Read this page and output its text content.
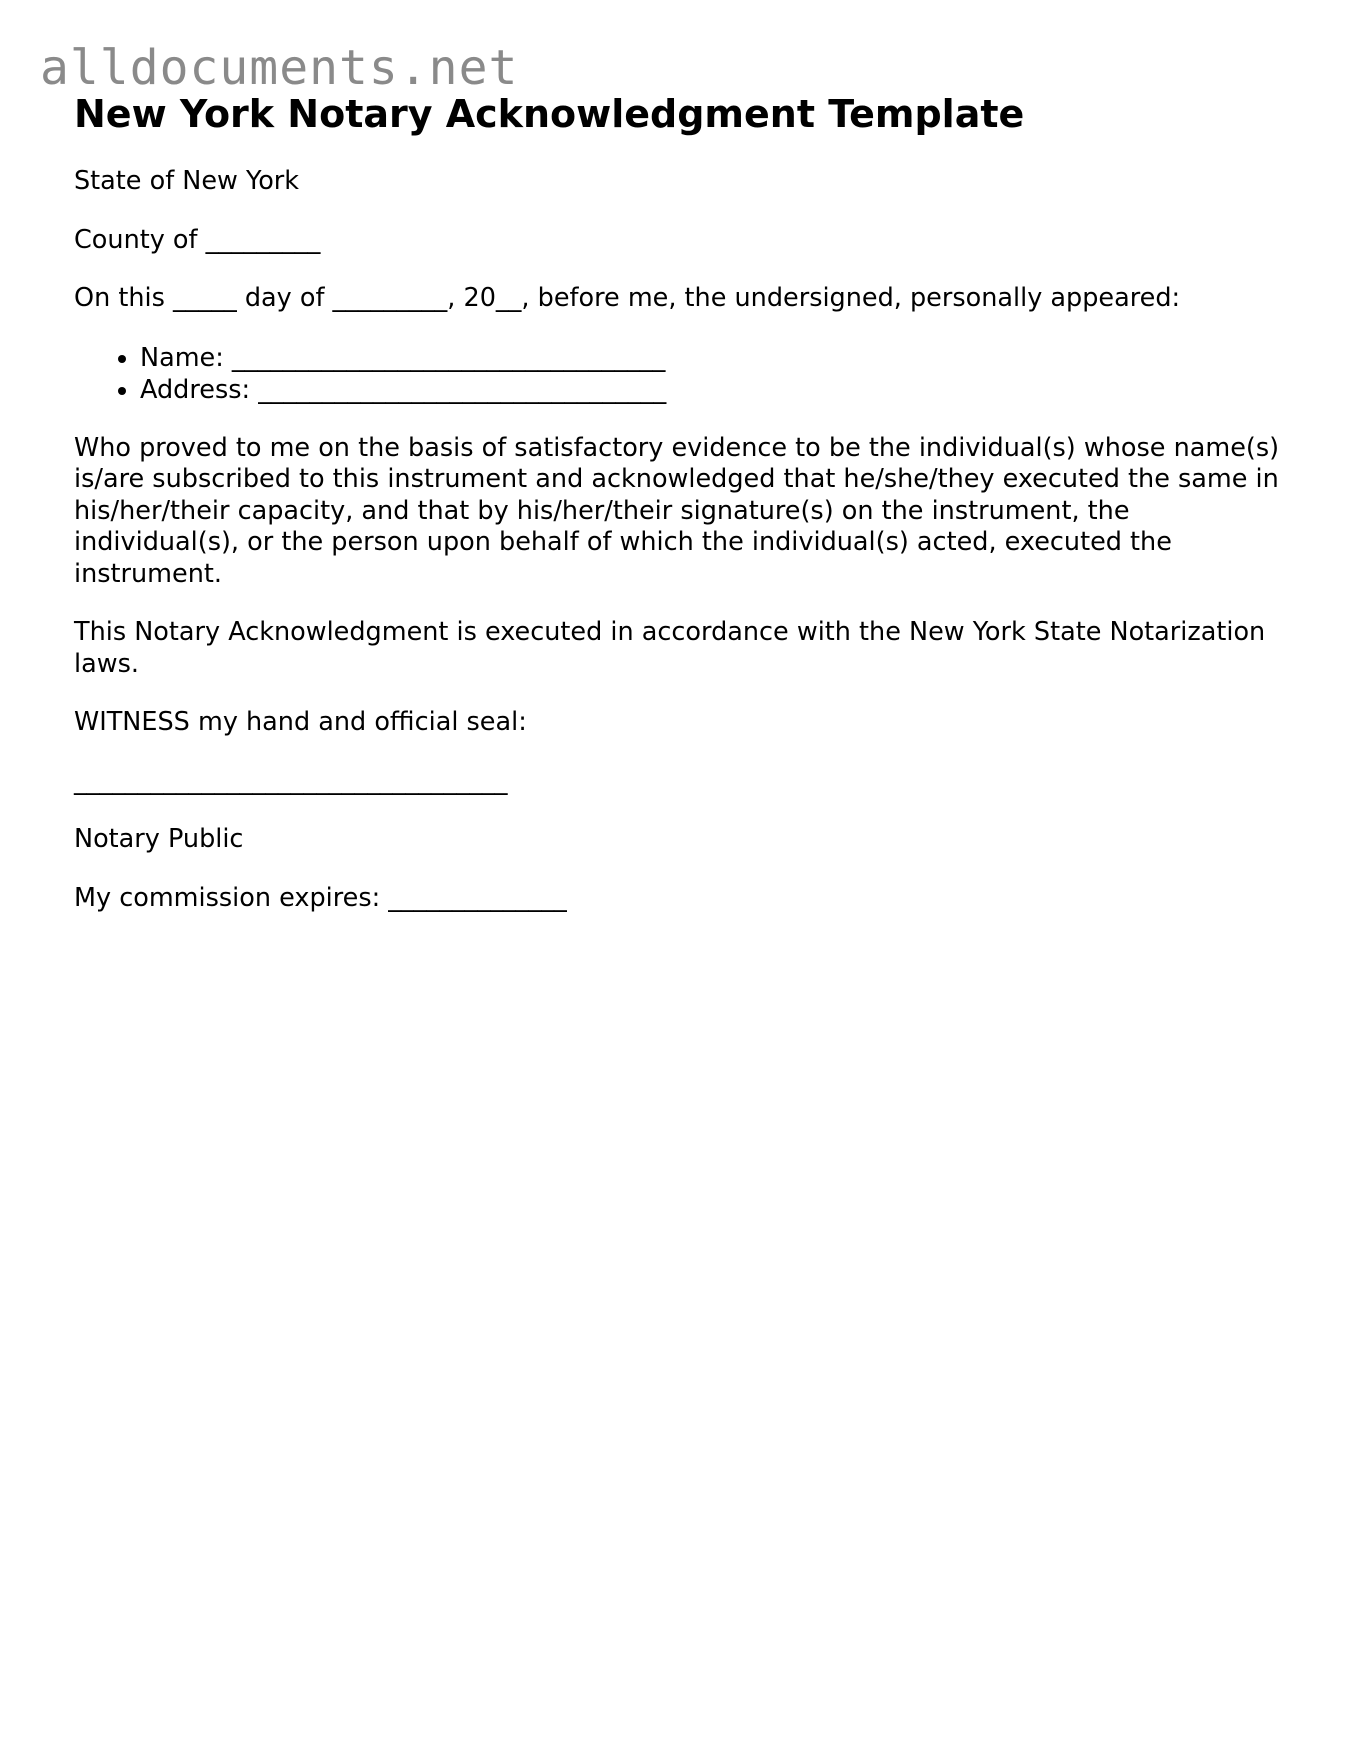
alldocuments.net
New York Notary Acknowledgment Template

State of New York

County of _________

On this _____ day of _________, 20__, before me, the undersigned, personally appeared:

• Name: __________________________________
• Address: ________________________________

Who proved to me on the basis of satisfactory evidence to be the individual(s) whose name(s) is/are subscribed to this instrument and acknowledged that he/she/they executed the same in his/her/their capacity, and that by his/her/their signature(s) on the instrument, the individual(s), or the person upon behalf of which the individual(s) acted, executed the instrument.

This Notary Acknowledgment is executed in accordance with the New York State Notarization laws.

WITNESS my hand and official seal:

__________________________________

Notary Public

My commission expires: ______________
